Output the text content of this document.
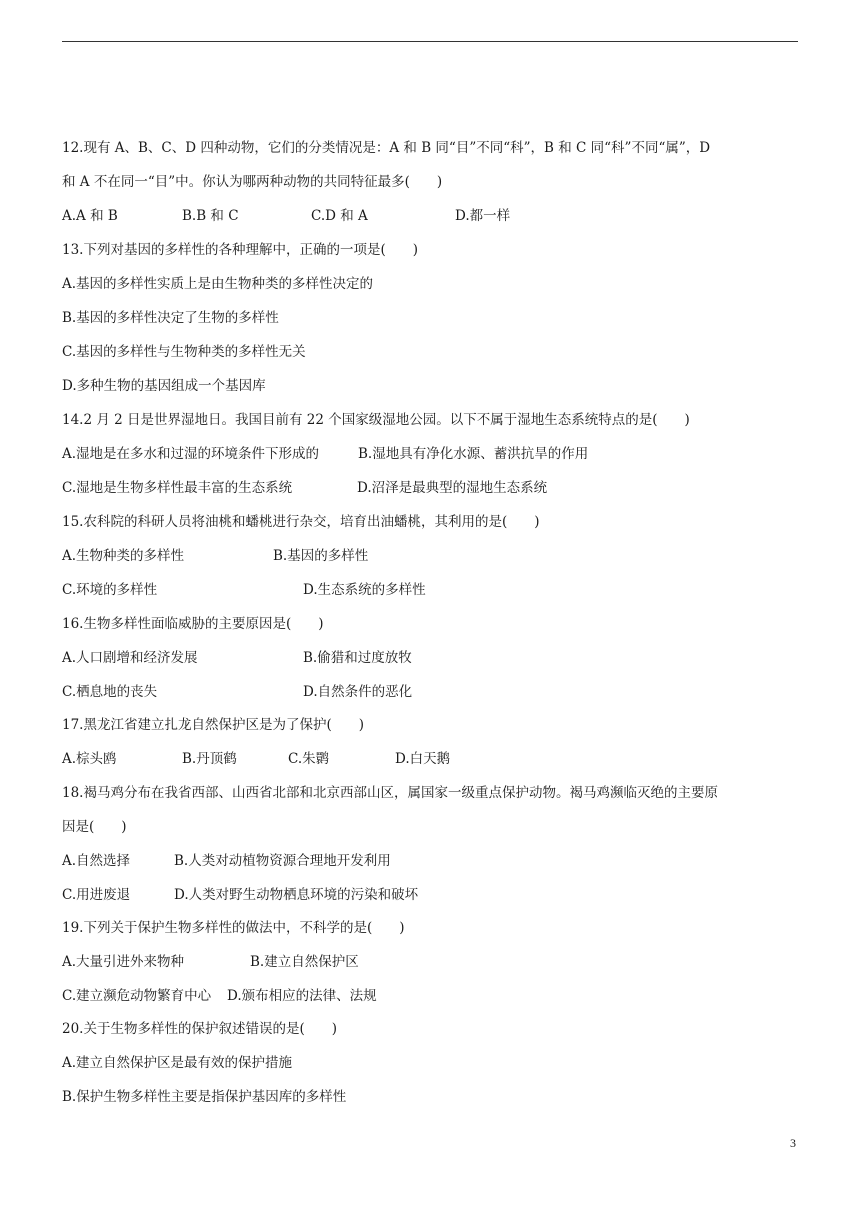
12.现有 A、B、C、D 四种动物，它们的分类情况是：A 和 B 同“目”不同“科”，B 和 C 同“科”不同“属”，D
和 A 不在同一“目”中。你认为哪两种动物的共同特征最多(　　)
A.A 和 B	B.B 和 C	C.D 和 A	D.都一样
13.下列对基因的多样性的各种理解中，正确的一项是(　　)
A.基因的多样性实质上是由生物种类的多样性决定的
B.基因的多样性决定了生物的多样性
C.基因的多样性与生物种类的多样性无关
D.多种生物的基因组成一个基因库
14.2 月 2 日是世界湿地日。我国目前有 22 个国家级湿地公园。以下不属于湿地生态系统特点的是(　　)
A.湿地是在多水和过湿的环境条件下形成的	B.湿地具有净化水源、蓄洪抗旱的作用
C.湿地是生物多样性最丰富的生态系统	D.沼泽是最典型的湿地生态系统
15.农科院的科研人员将油桃和蟠桃进行杂交，培育出油蟠桃，其利用的是(　　)
A.生物种类的多样性	B.基因的多样性
C.环境的多样性	D.生态系统的多样性
16.生物多样性面临威胁的主要原因是(　　)
A.人口剧增和经济发展	B.偷猎和过度放牧
C.栖息地的丧失	D.自然条件的恶化
17.黑龙江省建立扎龙自然保护区是为了保护(　　)
A.棕头鸥	B.丹顶鹤	C.朱鹮	D.白天鹅
18.褐马鸡分布在我省西部、山西省北部和北京西部山区，属国家一级重点保护动物。褐马鸡濒临灭绝的主要原
因是(　　)
A.自然选择	B.人类对动植物资源合理地开发利用
C.用进废退	D.人类对野生动物栖息环境的污染和破坏
19.下列关于保护生物多样性的做法中，不科学的是(　　)
A.大量引进外来物种	B.建立自然保护区
C.建立濒危动物繁育中心 D.颁布相应的法律、法规
20.关于生物多样性的保护叙述错误的是(　　)
A.建立自然保护区是最有效的保护措施
B.保护生物多样性主要是指保护基因库的多样性
3
